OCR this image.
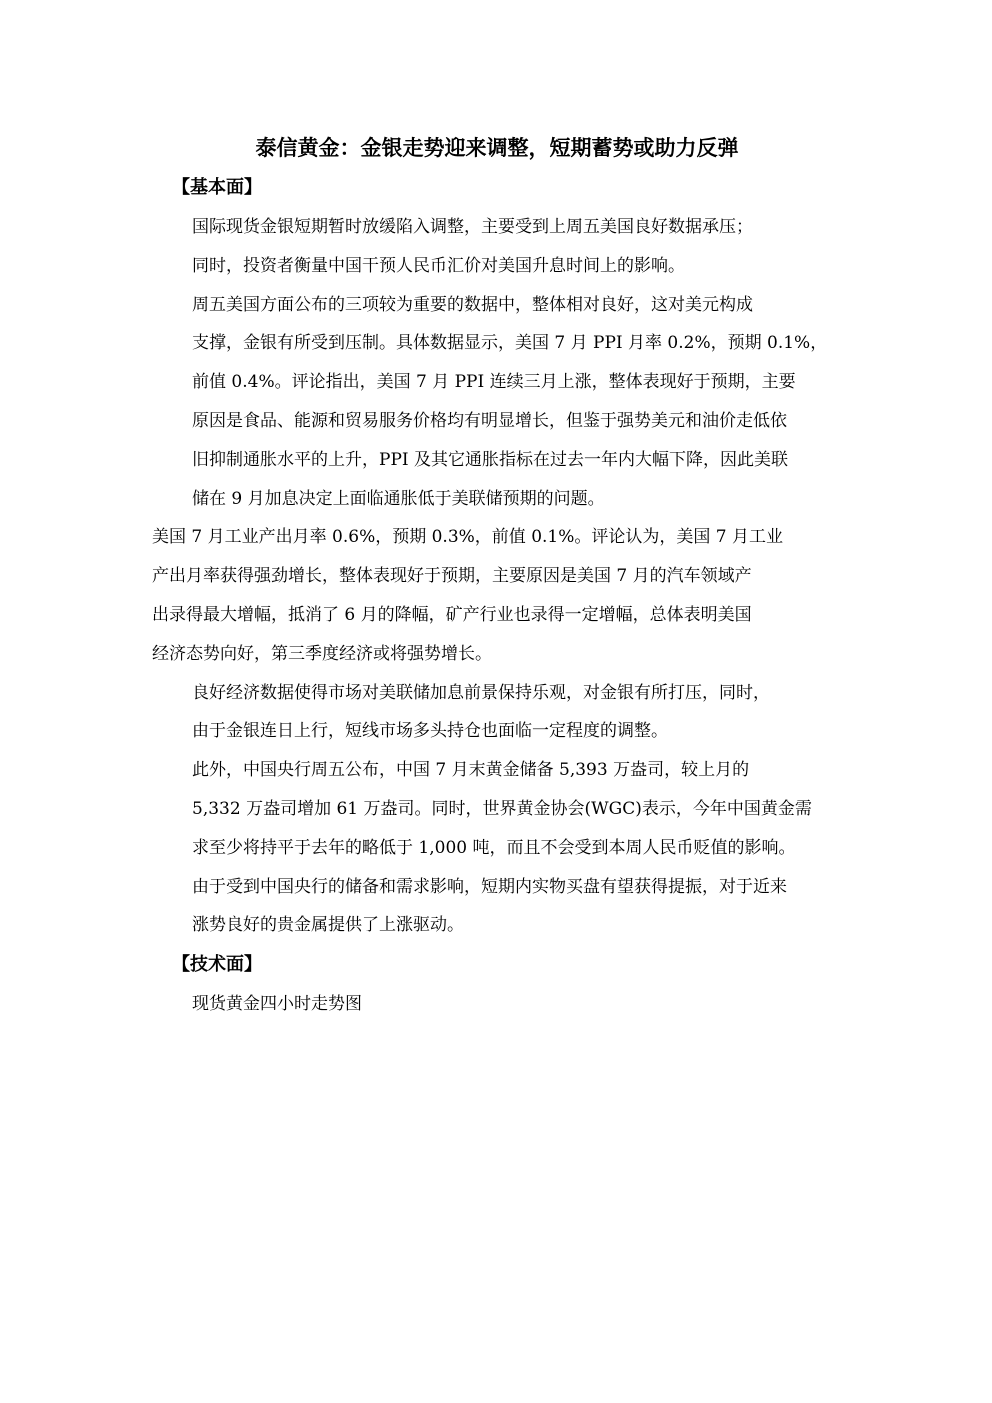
泰信黄金：金银走势迎来调整，短期蓄势或助力反弹

【基本面】

国际现货金银短期暂时放缓陷入调整，主要受到上周五美国良好数据承压；
同时，投资者衡量中国干预人民币汇价对美国升息时间上的影响。

周五美国方面公布的三项较为重要的数据中，整体相对良好，这对美元构成
支撑，金银有所受到压制。具体数据显示，美国 7 月 PPI 月率 0.2%，预期 0.1%，
前值 0.4%。评论指出，美国 7 月 PPI 连续三月上涨，整体表现好于预期，主要
原因是食品、能源和贸易服务价格均有明显增长，但鉴于强势美元和油价走低依
旧抑制通胀水平的上升，PPI 及其它通胀指标在过去一年内大幅下降，因此美联
储在 9 月加息决定上面临通胀低于美联储预期的问题。

美国 7 月工业产出月率 0.6%，预期 0.3%，前值 0.1%。评论认为，美国 7 月工业
产出月率获得强劲增长，整体表现好于预期，主要原因是美国 7 月的汽车领域产
出录得最大增幅，抵消了 6 月的降幅，矿产行业也录得一定增幅，总体表明美国
经济态势向好，第三季度经济或将强势增长。

良好经济数据使得市场对美联储加息前景保持乐观，对金银有所打压，同时，
由于金银连日上行，短线市场多头持仓也面临一定程度的调整。

此外，中国央行周五公布，中国 7 月末黄金储备 5,393 万盎司，较上月的
5,332 万盎司增加 61 万盎司。同时，世界黄金协会(WGC)表示，今年中国黄金需
求至少将持平于去年的略低于 1,000 吨，而且不会受到本周人民币贬值的影响。
由于受到中国央行的储备和需求影响，短期内实物买盘有望获得提振，对于近来
涨势良好的贵金属提供了上涨驱动。

【技术面】

现货黄金四小时走势图
